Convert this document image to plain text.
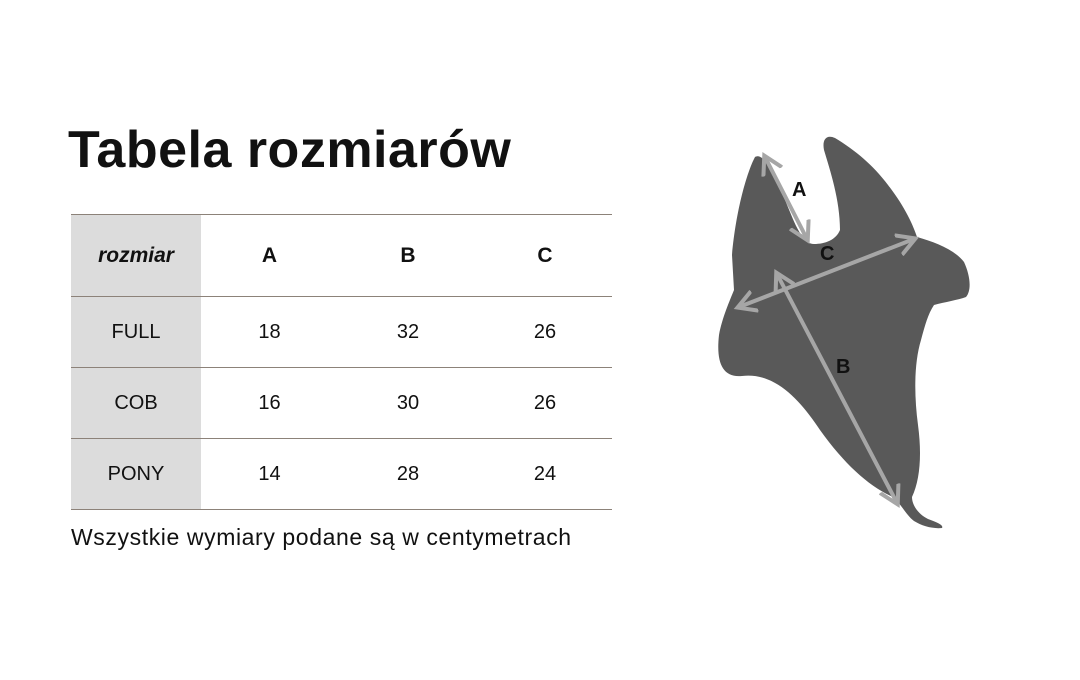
Tabela rozmiarów
rozmiar	A	B	C
FULL	18	32	26
COB	16	30	26
PONY	14	28	24

Wszystkie wymiary podane są w centymetrach

A
C
B
